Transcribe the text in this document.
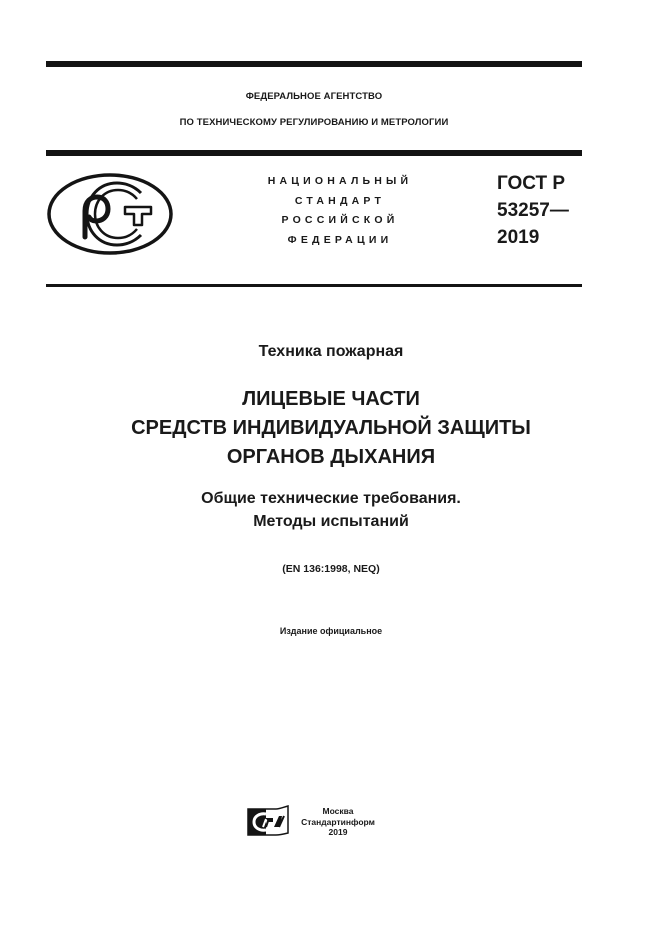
ФЕДЕРАЛЬНОЕ АГЕНТСТВО
ПО ТЕХНИЧЕСКОМУ РЕГУЛИРОВАНИЮ И МЕТРОЛОГИИ
НАЦИОНАЛЬНЫЙ
СТАНДАРТ
РОССИЙСКОЙ
ФЕДЕРАЦИИ
ГОСТ Р
53257—
2019
Техника пожарная
ЛИЦЕВЫЕ ЧАСТИ
СРЕДСТВ ИНДИВИДУАЛЬНОЙ ЗАЩИТЫ
ОРГАНОВ ДЫХАНИЯ
Общие технические требования.
Методы испытаний
(EN 136:1998, NEQ)
Издание официальное
Москва
Стандартинформ
2019
